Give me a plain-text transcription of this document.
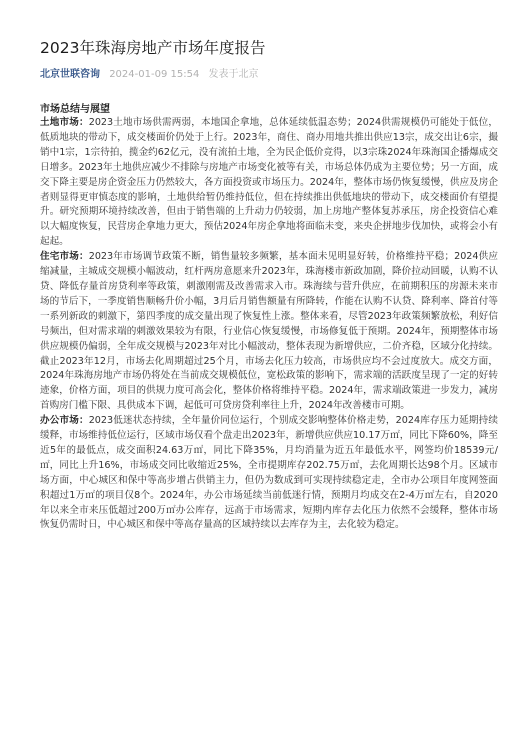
2023年珠海房地产市场年度报告
北京世联咨询 2024-01-09 15:54 发表于北京
市场总结与展望

土地市场：2023土地市场供需两弱，本地国企拿地，总体延续低温态势；2024供需规模仍可能处于低位，低质地块的带动下，成交楼面价仍处于上行。2023年，商住、商办用地共推出供应13宗，成交出让6宗，撮销中1宗，1宗待拍，揽金约62亿元，没有流拍土地，全为民企低价竞得，以3宗珠2024年珠海国企播爆成交日增多。2023年土地供应减少不排除与房地产市场变化被等有关，市场总体仍成为主要位势；另一方面，成交下降主要是房企资金压力仍然较大，各方面投资或市场压力。2024年，整体市场仍恢复缓慢，供应及房企者则显得更审慎态度的影响，土地供给暂仍维持低位，但在持续推出供低地块的带动下，成交楼面价有望提升。研究预期环境持续改善，但由于销售端的上升动力仍较弱，加上房地产整体复苏承压，房企投资信心难以大幅度恢复，民营房企拿地力更大，预估2024年房企拿地将面临未变，来央企拼地步伐加快，或将会小有起起。

住宅市场：2023年市场调节政策不断，销售量较多频繁，基本面未见明显好转，价格维持平稳；2024供应缩减量，主城成交规模小幅波动，红杆两房意愿来升2023年，珠海楼市新政加剧，降价拉动回暖，认购不认贷、降低存量首房贷利率等政策，刺激刚需及改善需求入市。珠海续与营升供应，在前期积压的房源未来市场的节后下，一季度销售顺畅升价小幅，3月后月销售额量有所降转，作能在认购不认贷、降利率、降首付等一系列新政的刺激下，第四季度的成交量出现了恢复性上涨。整体来看，尽管2023年政策频繁放松，利好信号频出，但对需求端的刺激效果较为有限，行业信心恢复缓慢，市场修复低于预期。2024年，预期整体市场供应规模仍偏弱，全年成交规模与2023年对比小幅波动，整体表现为新增供应，二价齐稳，区域分化持续。截止2023年12月，市场去化周期超过25个月，市场去化压力较高，市场供应均不会过度放大。成交方面，2024年珠海房地产市场仍将处在当前成交规模低位，宽松政策的影响下，需求端的活跃度呈现了一定的好转迹象，价格方面，项目的供规力度可高会化，整体价格将维持平稳。2024年，需求端政策进一步发力，减房首购房门槛下限、具供成本下调，起低可可贷房贷利率往上升，2024年改善楼市可期。

办公市场：2023低迷状态持续，全年量价同位运行，个别成交影响整体价格走势，2024库存压力延期持续缓释，市场维持低位运行，区域市场仅看个盘走出2023年，新增供应供应10.17万㎡，同比下降60%，降至近5年的最低点，成交面积24.63万㎡，同比下降35%，月均消量为近五年最低水平，网签均价18539元/㎡，同比上升16%，市场成交同比收缩近25%，全市提期库存202.75万㎡，去化周期长达98个月。区域市场方面，中心城区和保中等高步增占供销主力，但仍为数成到可实现持续稳定走，全市办公项目年度网签面积超过1万㎡的项目仅8个。2024年，办公市场延续当前低迷行情，预期月均成交在2-4万㎡左右，自2020年以来全市来压低超过200万㎡办公库存，远高于市场需求，短期内库存去化压力依然不会缓释，整体市场恢复仍需时日，中心城区和保中等高存量高的区域持续以去库存为主，去化较为稳定。
